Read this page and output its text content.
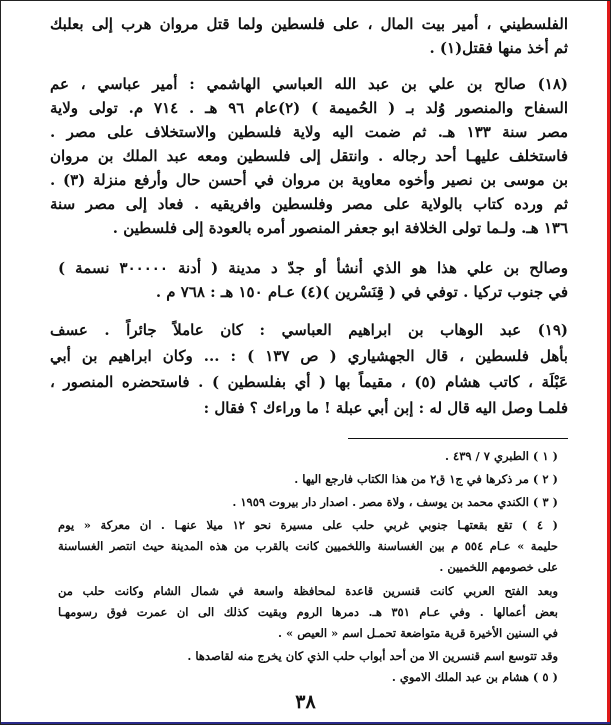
الفلسطيني ، أمير بيت المال ، على فلسطين ولما قتل مروان هرب إلى بعلبك
ثم أخذ منها فقتل(١) .
(١٨) صالح بن علي بن عبد الله العباسي الهاشمي : أمير عباسي ، عم
السفاح والمنصور وُلد بـ ( الحُميمة ) (٢)عام ٩٦ هـ . ٧١٤ م. تولى ولاية
مصر سنة ١٣٣ هـ. ثم ضمت اليه ولاية فلسطين والاستخلاف على مصر .
فاستخلف عليهـا أحد رجاله . وانتقل إلى فلسطين ومعه عبد الملك بن مروان
بن موسى بن نصير وأخوه معاوية بن مروان في أحسن حال وأرفع منزلة (٣) .
ثم ورده كتاب بالولاية على مصر وفلسطين وافريقيه . فعاد إلى مصر سنة
١٣٦ هـ. ولـما تولى الخلافة ابو جعفر المنصور أمره بالعودة إلى فلسطين .
وصالح بن علي هذا هو الذي أنشأ أو جدّ د مدينة ( أدنة ٣٠٠٠٠٠ نسمة )
في جنوب تركيا . توفي في ( قِنَسْرين )(٤) عـام ١٥٠ هـ : ٧٦٨ م .
(١٩) عبد الوهاب بن ابراهيم العباسي : كان عاملاً جائراً . عسف
بأهل فلسطين ، قال الجهشياري ( ص ١٣٧ ) : ... وكان ابراهيم بن أبي
عَبْلَة ، كاتب هشام (٥) ، مقيماً بها ( أي بفلسطين ) . فاستحضره المنصور ،
فلمـا وصل اليه قال له : إبن أبي عبلة ! ما وراءك ؟ فقال :
( ١ ) الطبري ٧ / ٤٣٩ .
( ٢ ) مر ذكرها في ج١ ق٢ من هذا الكتاب فارجع اليها .
( ٣ ) الكندي محمد بن يوسف ، ولاة مصر . اصدار دار بيروت ١٩٥٩ .
( ٤ ) تقع بقعتهـا جنوبي غربي حلب على مسيرة نحو ١٢ ميلا عنهـا . ان معركة « يوم
حليمة » عـام ٥٥٤ م بين الغساسنة واللخميين كانت بالقرب من هذه المدينة حيث انتصر الغساسنة
على خصومهم اللخميين .
وبعد الفتح العربي كانت قنسرين قاعدة لمحافظة واسعة في شمال الشام وكانت حلب من
بعض أعمالها . وفي عـام ٣٥١ هـ. دمرها الروم وبقيت كذلك الى ان عمرت فوق رسومهـا
في السنين الأخيرة قرية متواضعة تحمـل اسم « العيص » .
وقد تتوسع اسم قنسرين الا من أحد أبواب حلب الذي كان يخرج منه لقاصدها .
( ٥ ) هشام بن عبد الملك الاموي .
٣٨
